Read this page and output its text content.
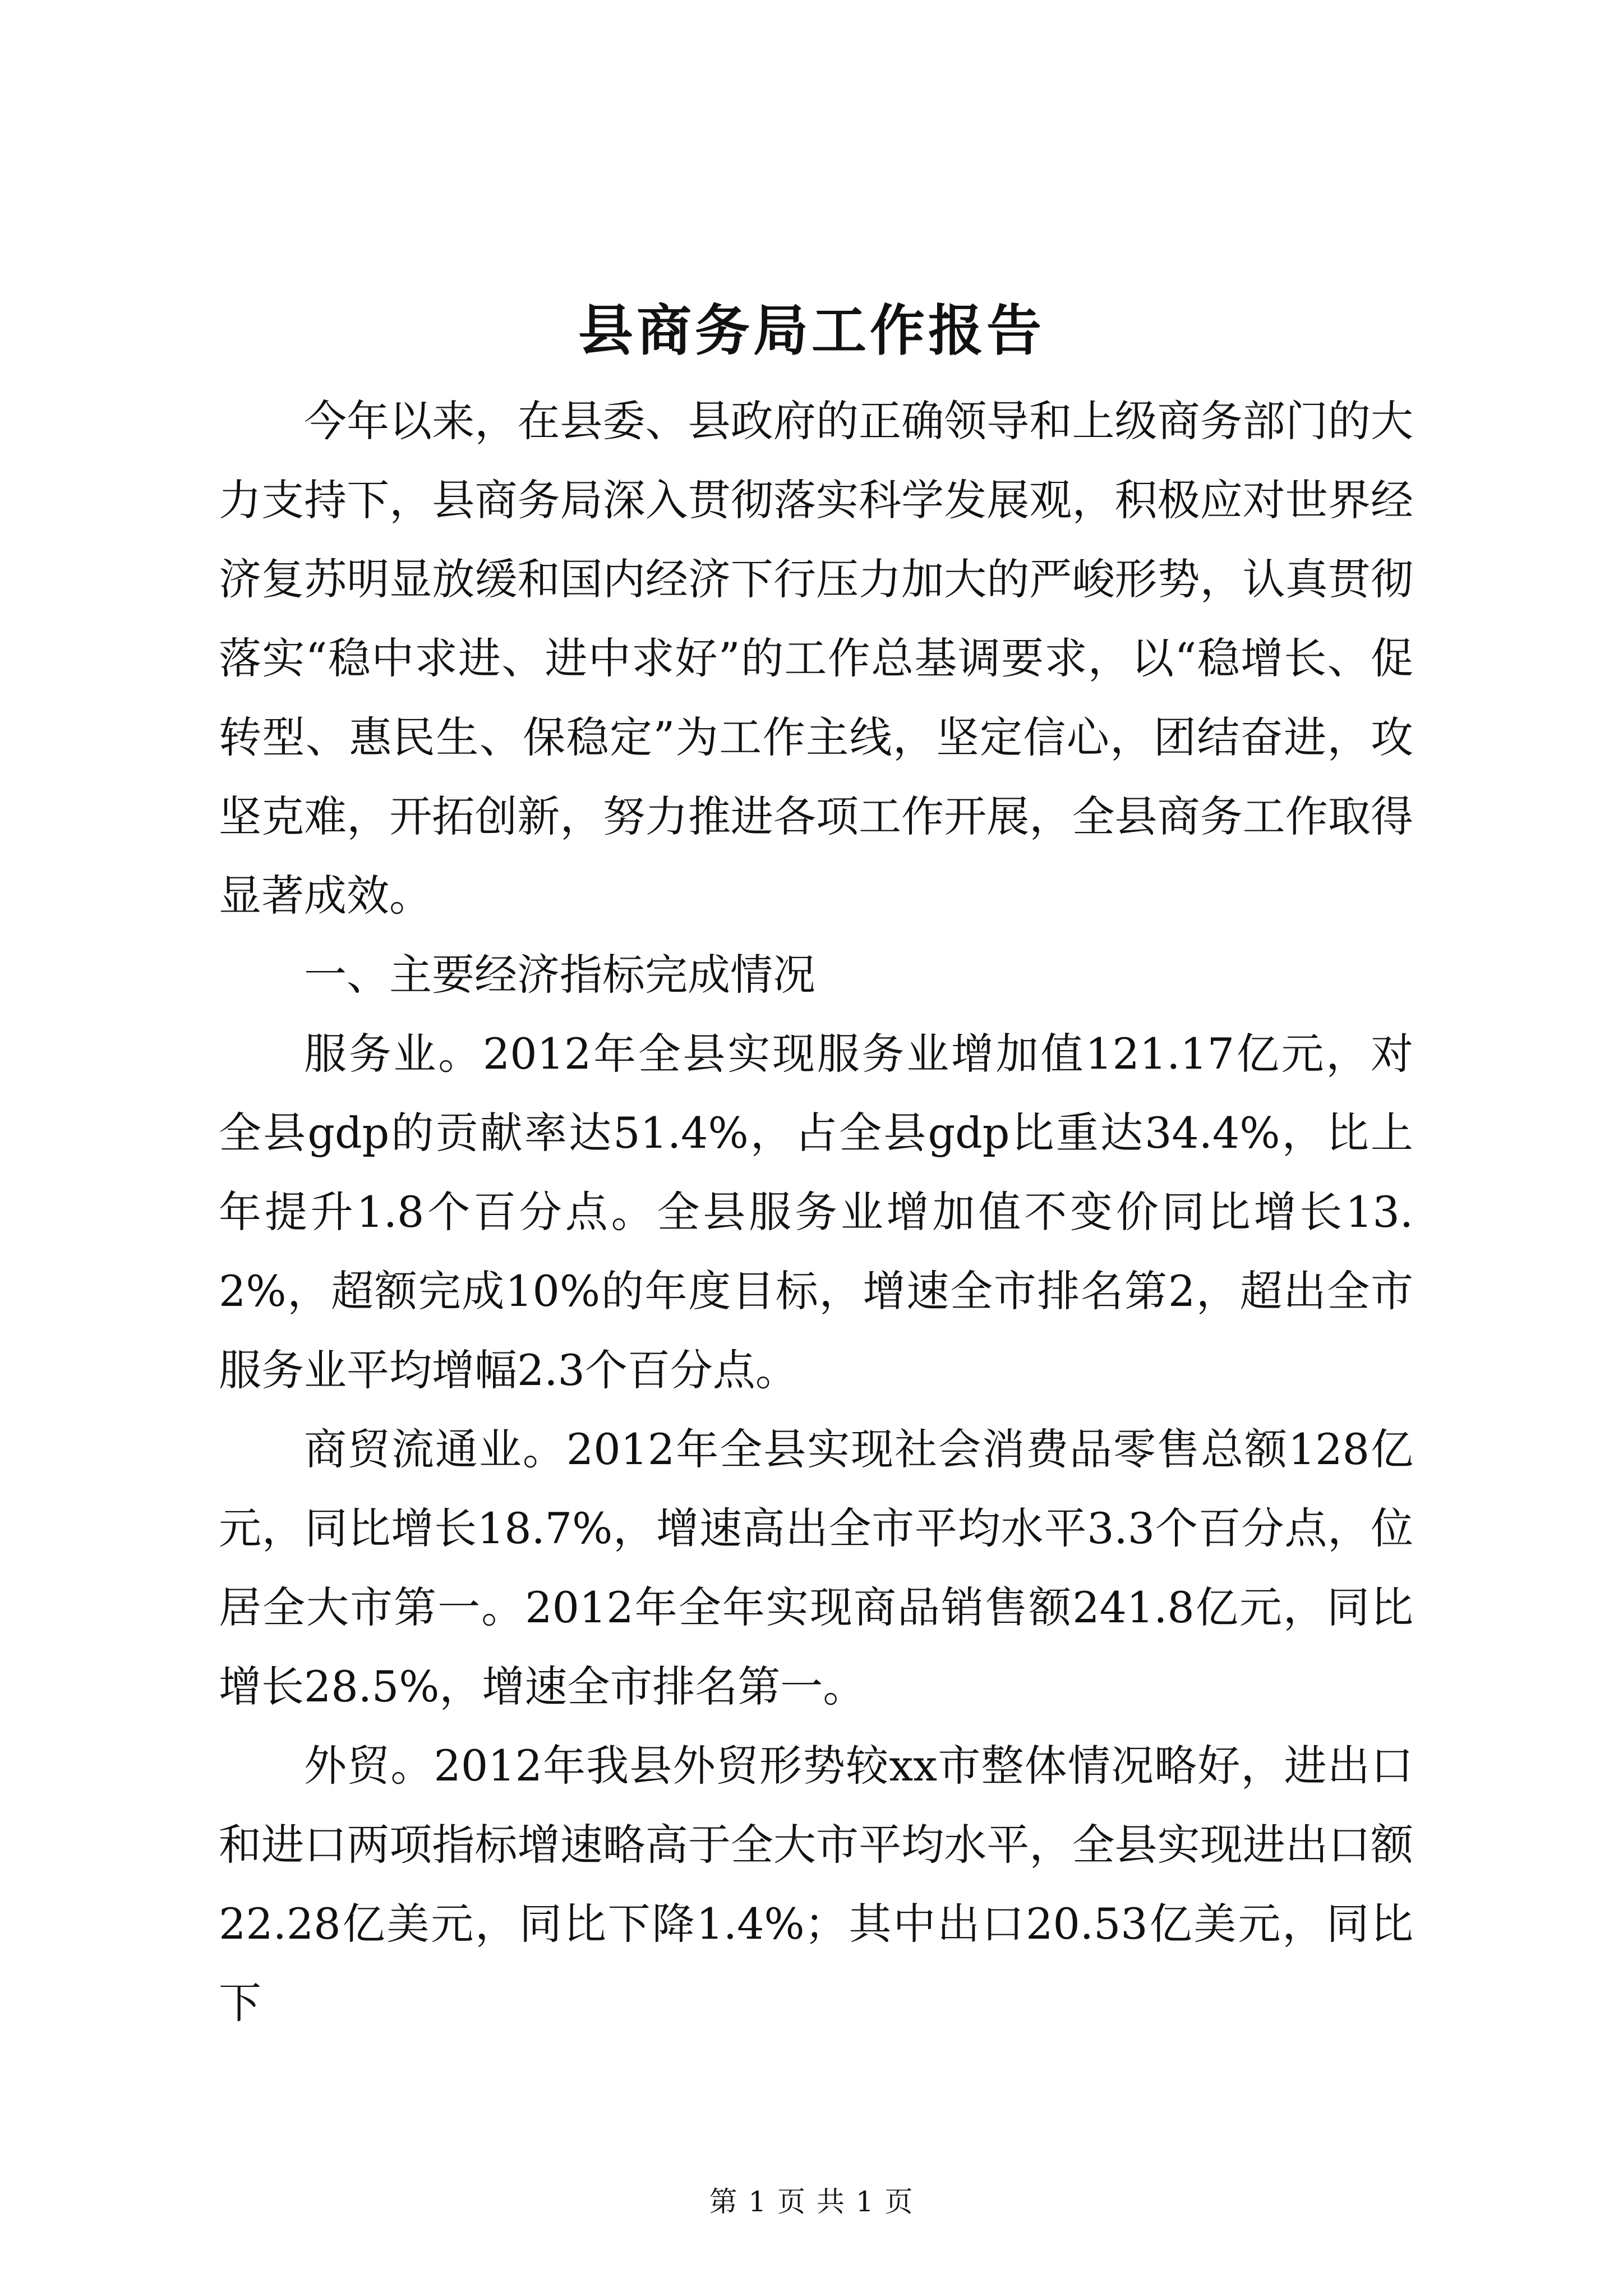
县商务局工作报告

今年以来，在县委、县政府的正确领导和上级商务部门的大力支持下，县商务局深入贯彻落实科学发展观，积极应对世界经济复苏明显放缓和国内经济下行压力加大的严峻形势，认真贯彻落实“稳中求进、进中求好”的工作总基调要求，以“稳增长、促转型、惠民生、保稳定”为工作主线，坚定信心，团结奋进，攻坚克难，开拓创新，努力推进各项工作开展，全县商务工作取得显著成效。

一、主要经济指标完成情况

服务业。2012年全县实现服务业增加值121.17亿元，对全县gdp的贡献率达51.4%，占全县gdp比重达34.4%，比上年提升1.8个百分点。全县服务业增加值不变价同比增长13.2%，超额完成10%的年度目标，增速全市排名第2，超出全市服务业平均增幅2.3个百分点。

商贸流通业。2012年全县实现社会消费品零售总额128亿元，同比增长18.7%，增速高出全市平均水平3.3个百分点，位居全大市第一。2012年全年实现商品销售额241.8亿元，同比增长28.5%，增速全市排名第一。

外贸。2012年我县外贸形势较xx市整体情况略好，进出口和进口两项指标增速略高于全大市平均水平，全县实现进出口额22.28亿美元，同比下降1.4%；其中出口20.53亿美元，同比下

第 1 页 共 1 页
